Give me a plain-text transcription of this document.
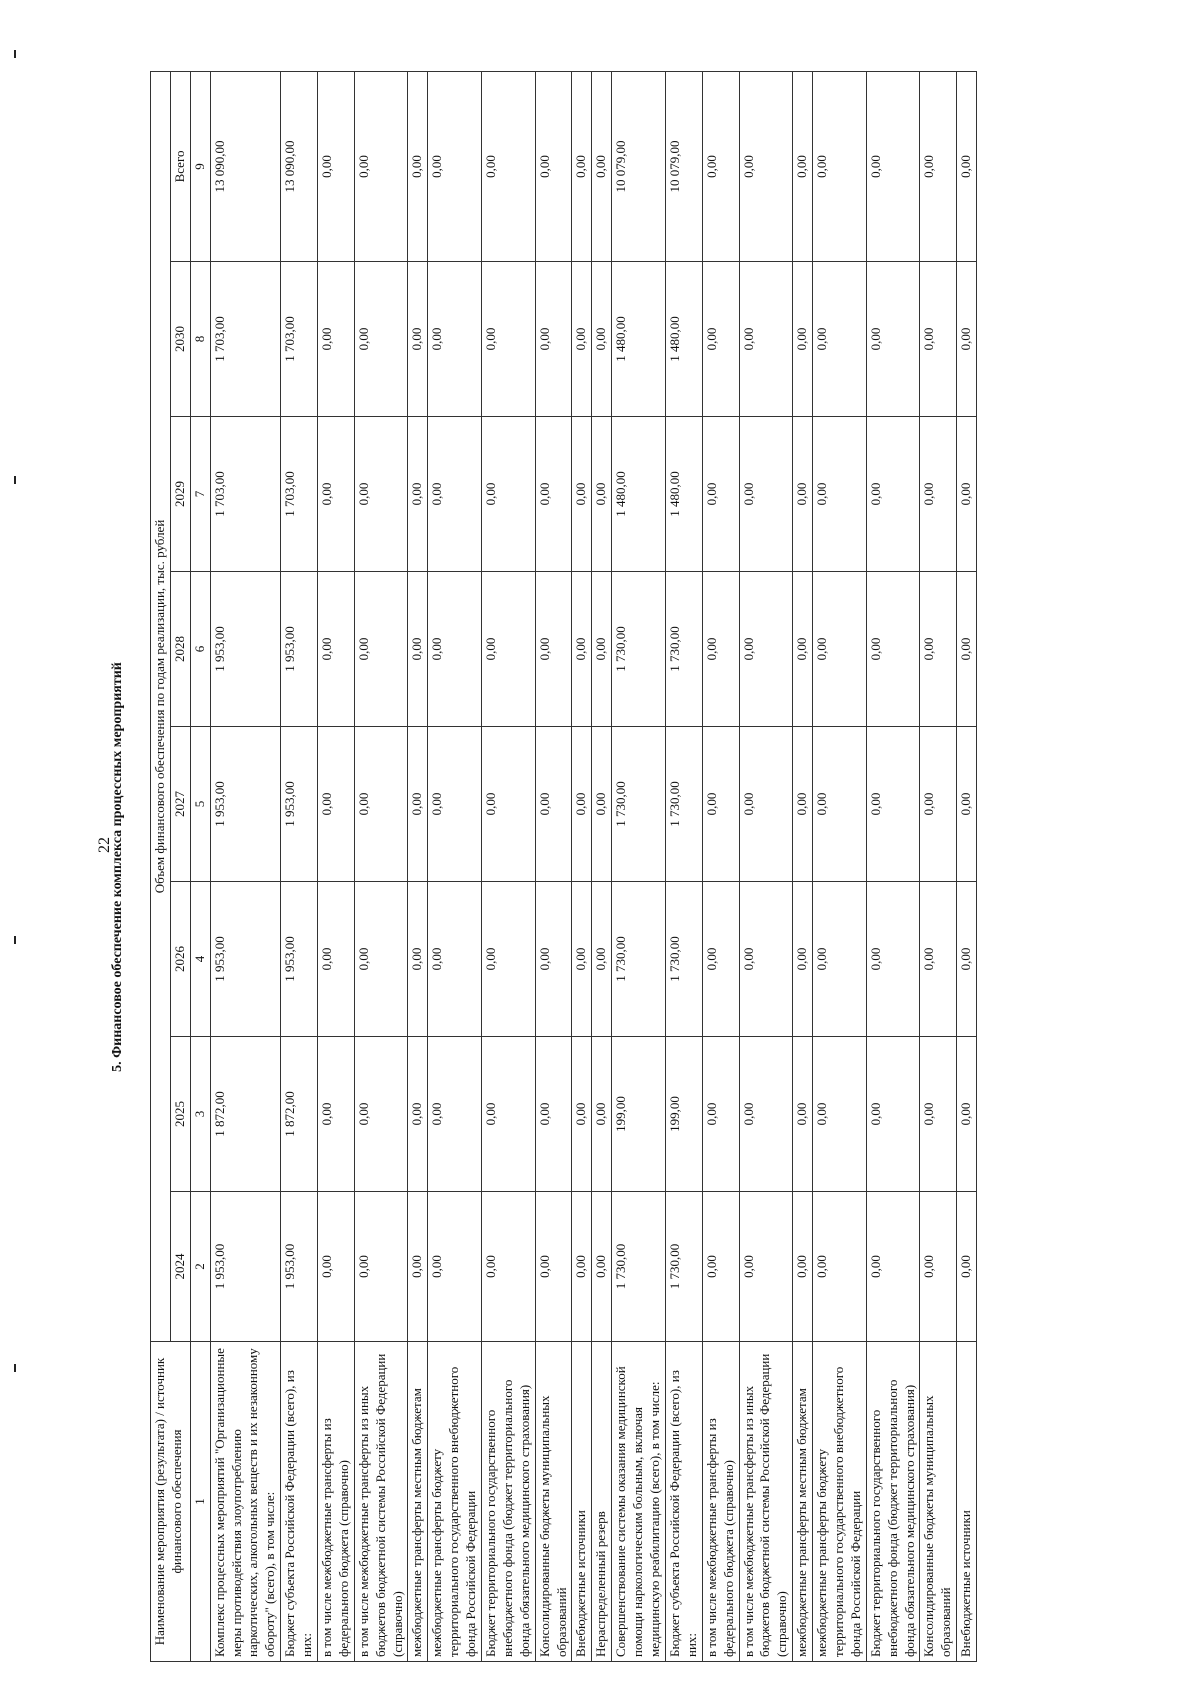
22
5. Финансовое обеспечение комплекса процессных мероприятий
Наименование мероприятия (результата) / источник финансового обеспечения	Объем финансового обеспечения по годам реализации, тыс. рублей							
	2024	2025	2026	2027	2028	2029	2030	Всего
1	2	3	4	5	6	7	8	9
Комплекс процессных мероприятий "Организационные меры противодействия злоупотреблению наркотических, алкогольных веществ и их незаконному обороту" (всего), в том числе:	1 953,00	1 872,00	1 953,00	1 953,00	1 953,00	1 703,00	1 703,00	13 090,00
Бюджет субъекта Российской Федерации (всего), из них:	1 953,00	1 872,00	1 953,00	1 953,00	1 953,00	1 703,00	1 703,00	13 090,00
в том числе межбюджетные трансферты из федерального бюджета (справочно)	0,00	0,00	0,00	0,00	0,00	0,00	0,00	0,00
в том числе межбюджетные трансферты из иных бюджетов бюджетной системы Российской Федерации (справочно)	0,00	0,00	0,00	0,00	0,00	0,00	0,00	0,00
межбюджетные трансферты местным бюджетам	0,00	0,00	0,00	0,00	0,00	0,00	0,00	0,00
межбюджетные трансферты бюджету территориального государственного внебюджетного фонда Российской Федерации	0,00	0,00	0,00	0,00	0,00	0,00	0,00	0,00
Бюджет территориального государственного внебюджетного фонда (бюджет территориального фонда обязательного медицинского страхования)	0,00	0,00	0,00	0,00	0,00	0,00	0,00	0,00
Консолидированные бюджеты муниципальных образований	0,00	0,00	0,00	0,00	0,00	0,00	0,00	0,00
Внебюджетные источники	0,00	0,00	0,00	0,00	0,00	0,00	0,00	0,00
Нераспределенный резерв	0,00	0,00	0,00	0,00	0,00	0,00	0,00	0,00
Совершенствование системы оказания медицинской помощи наркологическим больным, включая медицинскую реабилитацию (всего), в том числе:	1 730,00	199,00	1 730,00	1 730,00	1 730,00	1 480,00	1 480,00	10 079,00
Бюджет субъекта Российской Федерации (всего), из них:	1 730,00	199,00	1 730,00	1 730,00	1 730,00	1 480,00	1 480,00	10 079,00
в том числе межбюджетные трансферты из федерального бюджета (справочно)	0,00	0,00	0,00	0,00	0,00	0,00	0,00	0,00
в том числе межбюджетные трансферты из иных бюджетов бюджетной системы Российской Федерации (справочно)	0,00	0,00	0,00	0,00	0,00	0,00	0,00	0,00
межбюджетные трансферты местным бюджетам	0,00	0,00	0,00	0,00	0,00	0,00	0,00	0,00
межбюджетные трансферты бюджету территориального государственного внебюджетного фонда Российской Федерации	0,00	0,00	0,00	0,00	0,00	0,00	0,00	0,00
Бюджет территориального государственного внебюджетного фонда (бюджет территориального фонда обязательного медицинского страхования)	0,00	0,00	0,00	0,00	0,00	0,00	0,00	0,00
Консолидированные бюджеты муниципальных образований	0,00	0,00	0,00	0,00	0,00	0,00	0,00	0,00
Внебюджетные источники	0,00	0,00	0,00	0,00	0,00	0,00	0,00	0,00
